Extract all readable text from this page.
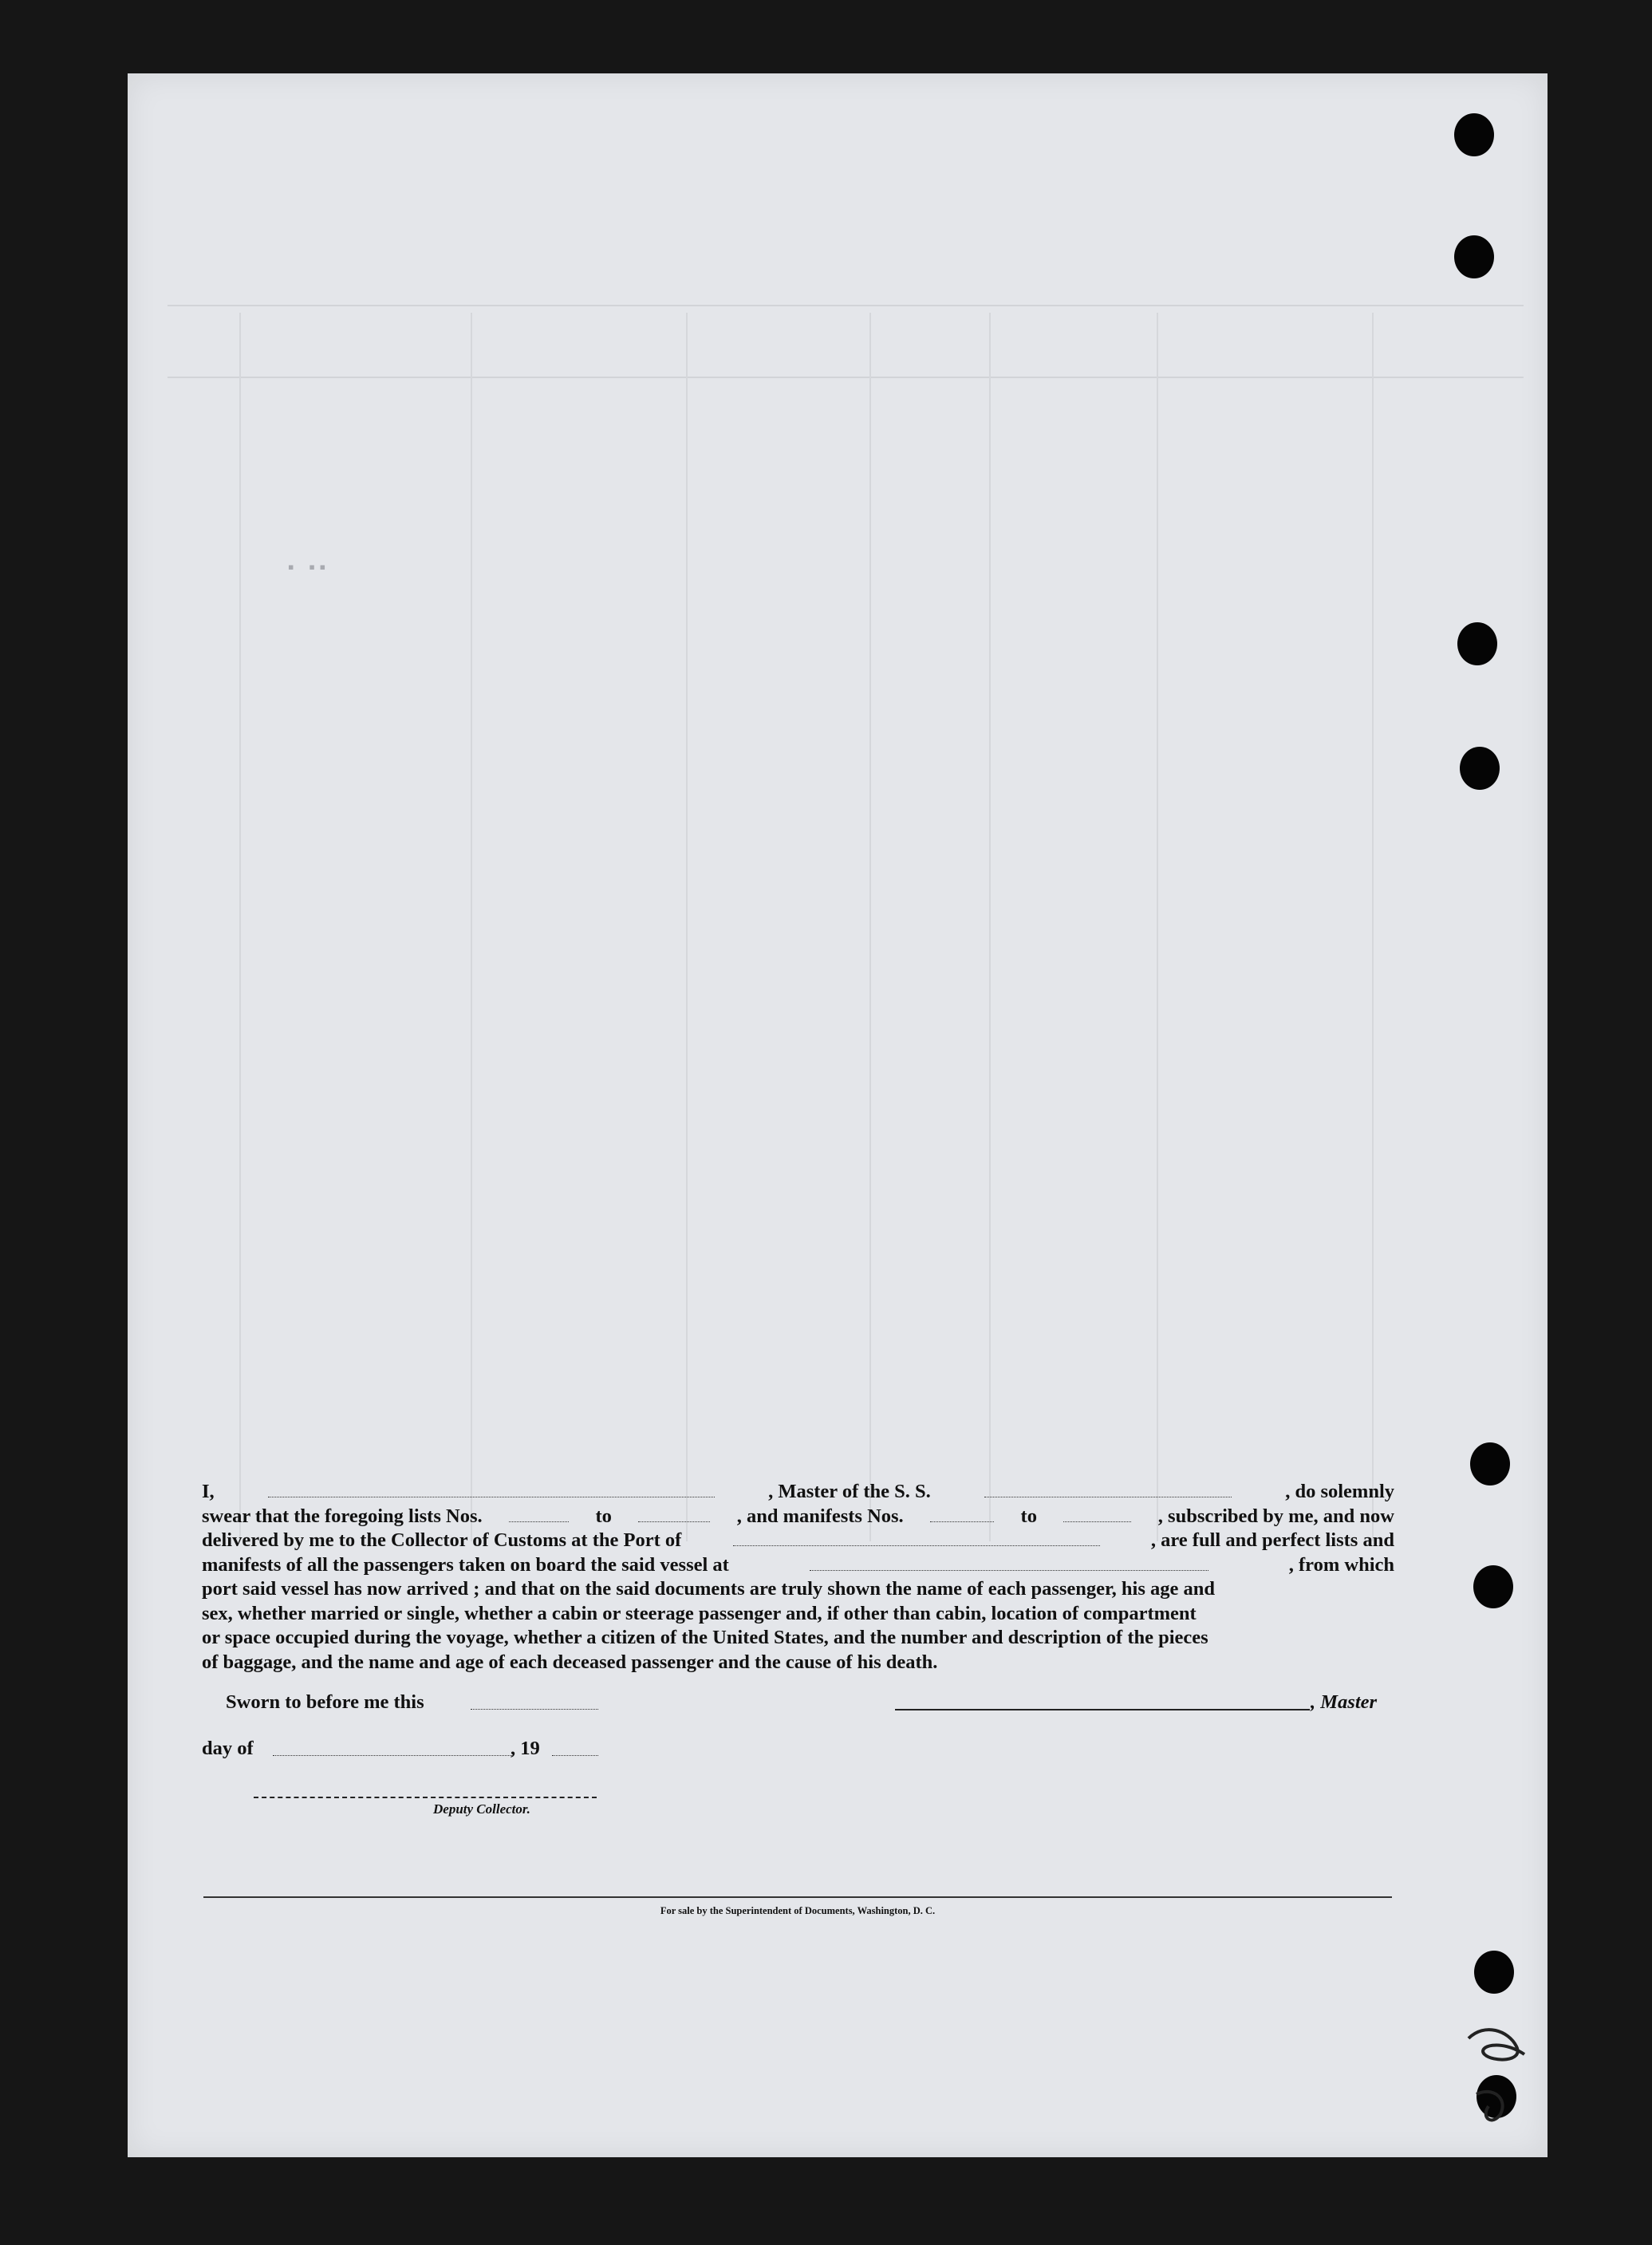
▪ ▪▪
I,	, Master of the S. S.	, do solemnly
swear that the foregoing lists Nos.	to	, and manifests Nos.	to	, subscribed by me, and now
delivered by me to the Collector of Customs at the Port of	, are full and perfect lists and
manifests of all the passengers taken on board the said vessel at	, from which
port said vessel has now arrived ; and that on the said documents are truly shown the name of each passenger, his age and
sex, whether married or single, whether a cabin or steerage passenger and, if other than cabin, location of compartment
or space occupied during the voyage, whether a citizen of the United States, and the number and description of the pieces
of baggage, and the name and age of each deceased passenger and the cause of his death.
Sworn to before me this	, Master
day of	, 19
Deputy Collector.
For sale by the Superintendent of Documents, Washington, D. C.
